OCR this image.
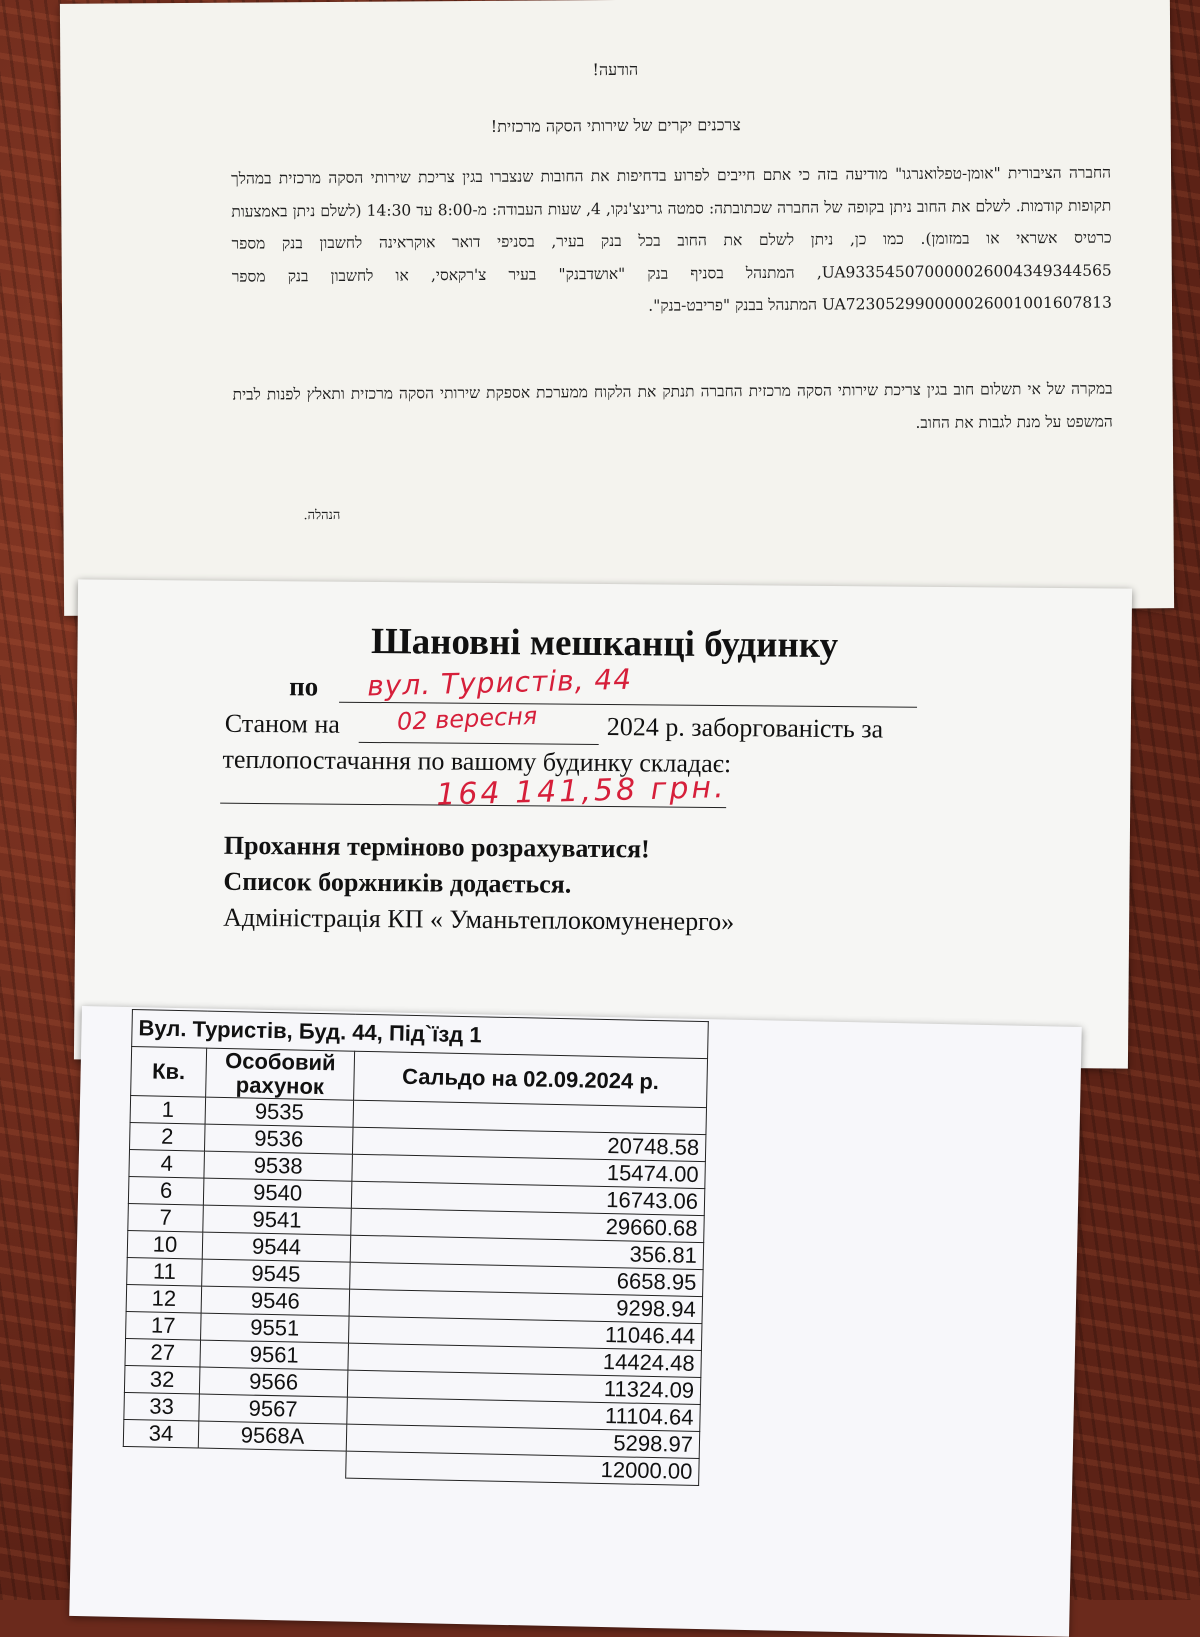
הודעה!
צרכנים יקרים של שירותי הסקה מרכזית!
החברה הציבורית "אומן-טפלואנרגו" מודיעה בזה כי אתם חייבים לפרוע בדחיפות את החובות שנצברו בגין צריכת שירותי הסקה מרכזית במהלך תקופות קודמות. לשלם את החוב ניתן בקופה של החברה שכתובתה: סמטה גרינצ'נקו, 4, שעות העבודה: מ-8:00 עד 14:30 (לשלם ניתן באמצעות כרטיס אשראי או במזומן). כמו כן, ניתן לשלם את החוב בכל בנק בעיר, בסניפי דואר אוקראינה לחשבון בנק מספר UA933545070000026004349344565, המתנהל בסניף בנק "אושדבנק" בעיר צ'רקאסי, או לחשבון בנק מספר UA723052990000026001001607813 המתנהל בבנק "פריבט-בנק".
במקרה של אי תשלום חוב בגין צריכת שירותי הסקה מרכזית החברה תנתק את הלקוח ממערכת אספקת שירותי הסקה מרכזית ותאלץ לפנות לבית המשפט על מנת לגבות את החוב.
הנהלה.
Шановні мешканці будинку
по вул. Туристів, 44
Станом на 02 вересня	2024 р. заборгованість за
теплопостачання по вашому будинку складає:
164 141,58 грн.
Прохання терміново розрахуватися!
Список боржників додається.
Адміністрація КП « Уманьтеплокомуненерго»
Вул. Туристів, Буд. 44, Під`їзд 1		
Кв.	Особовий рахунок	Сальдо на 02.09.2024 р.
1	9535	
2	9536	20748.58
4	9538	15474.00
6	9540	16743.06
7	9541	29660.68
10	9544	356.81
11	9545	6658.95
12	9546	9298.94
17	9551	11046.44
27	9561	14424.48
32	9566	11324.09
33	9567	11104.64
34	9568A	5298.97
		12000.00
